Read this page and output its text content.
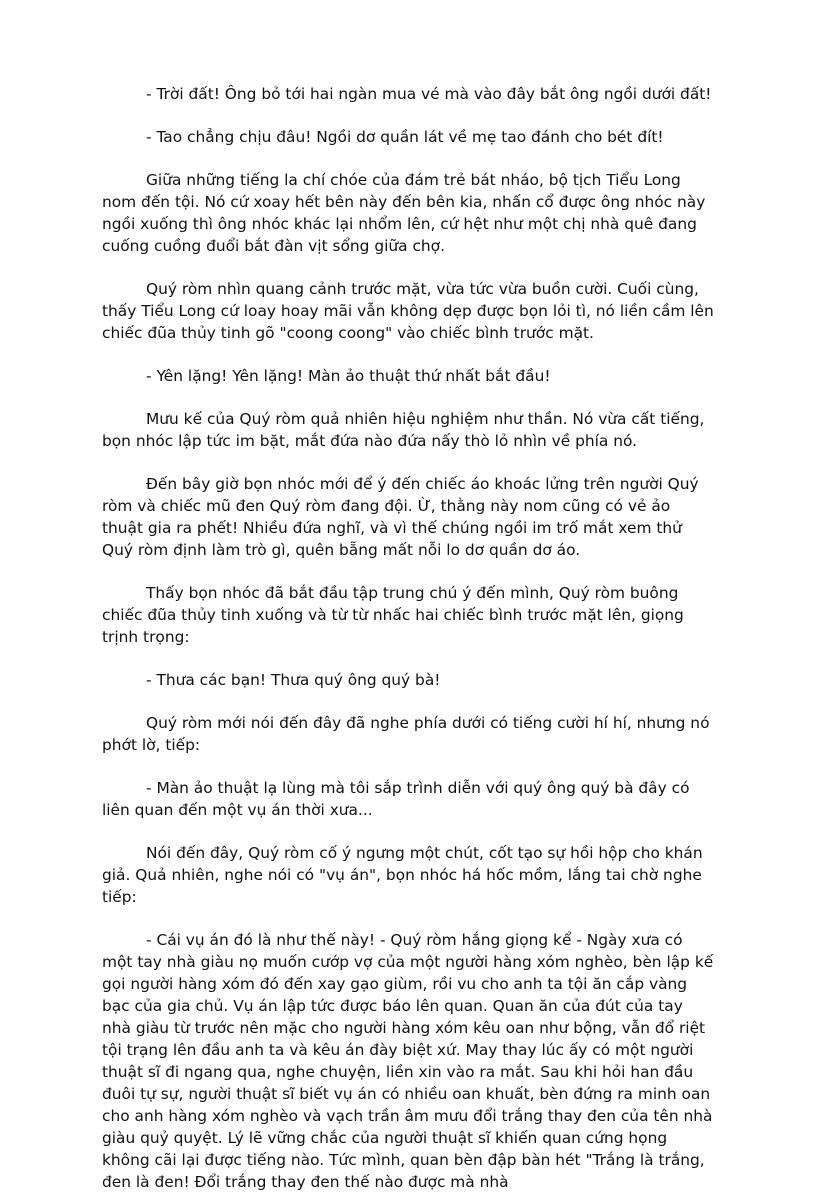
- Trời đất! Ông bỏ tới hai ngàn mua vé mà vào đây bắt ông ngồi dưới đất!

- Tao chẳng chịu đâu! Ngồi dơ quần lát về mẹ tao đánh cho bét đít!

Giữa những tiếng la chí chóe của đám trẻ bát nháo, bộ tịch Tiểu Long nom đến tội. Nó cứ xoay hết bên này đến bên kia, nhấn cổ được ông nhóc này ngồi xuống thì ông nhóc khác lại nhổm lên, cứ hệt như một chị nhà quê đang cuống cuồng đuổi bắt đàn vịt sổng giữa chợ.

Quý ròm nhìn quang cảnh trước mặt, vừa tức vừa buồn cười. Cuối cùng, thấy Tiểu Long cứ loay hoay mãi vẫn không dẹp được bọn lỏi tì, nó liền cầm lên chiếc đũa thủy tinh gõ "coong coong" vào chiếc bình trước mặt.

- Yên lặng! Yên lặng! Màn ảo thuật thứ nhất bắt đầu!

Mưu kế của Quý ròm quả nhiên hiệu nghiệm như thần. Nó vừa cất tiếng, bọn nhóc lập tức im bặt, mắt đứa nào đứa nấy thò lỏ nhìn về phía nó.

Đến bây giờ bọn nhóc mới để ý đến chiếc áo khoác lửng trên người Quý ròm và chiếc mũ đen Quý ròm đang đội. Ừ, thằng này nom cũng có vẻ ảo thuật gia ra phết! Nhiều đứa nghĩ, và vì thế chúng ngồi im trố mắt xem thử Quý ròm định làm trò gì, quên bẵng mất nỗi lo dơ quần dơ áo.

Thấy bọn nhóc đã bắt đầu tập trung chú ý đến mình, Quý ròm buông chiếc đũa thủy tinh xuống và từ từ nhấc hai chiếc bình trước mặt lên, giọng trịnh trọng:

- Thưa các bạn! Thưa quý ông quý bà!

Quý ròm mới nói đến đây đã nghe phía dưới có tiếng cười hí hí, nhưng nó phớt lờ, tiếp:

- Màn ảo thuật lạ lùng mà tôi sắp trình diễn với quý ông quý bà đây có liên quan đến một vụ án thời xưa...

Nói đến đây, Quý ròm cố ý ngưng một chút, cốt tạo sự hồi hộp cho khán giả. Quả nhiên, nghe nói có "vụ án", bọn nhóc há hốc mồm, lắng tai chờ nghe tiếp:

- Cái vụ án đó là như thế này! - Quý ròm hắng giọng kể - Ngày xưa có một tay nhà giàu nọ muốn cướp vợ của một người hàng xóm nghèo, bèn lập kế gọi người hàng xóm đó đến xay gạo giùm, rồi vu cho anh ta tội ăn cắp vàng bạc của gia chủ. Vụ án lập tức được báo lên quan. Quan ăn của đút của tay nhà giàu từ trước nên mặc cho người hàng xóm kêu oan như bộng, vẫn đổ riệt tội trạng lên đầu anh ta và kêu án đày biệt xứ. May thay lúc ấy có một người thuật sĩ đi ngang qua, nghe chuyện, liền xin vào ra mắt. Sau khi hỏi han đầu đuôi tự sự, người thuật sĩ biết vụ án có nhiều oan khuất, bèn đứng ra minh oan cho anh hàng xóm nghèo và vạch trần âm mưu đổi trắng thay đen của tên nhà giàu quỷ quyệt. Lý lẽ vững chắc của người thuật sĩ khiến quan cứng họng không cãi lại được tiếng nào. Tức mình, quan bèn đập bàn hét "Trắng là trắng, đen là đen! Đổi trắng thay đen thế nào được mà nhà
